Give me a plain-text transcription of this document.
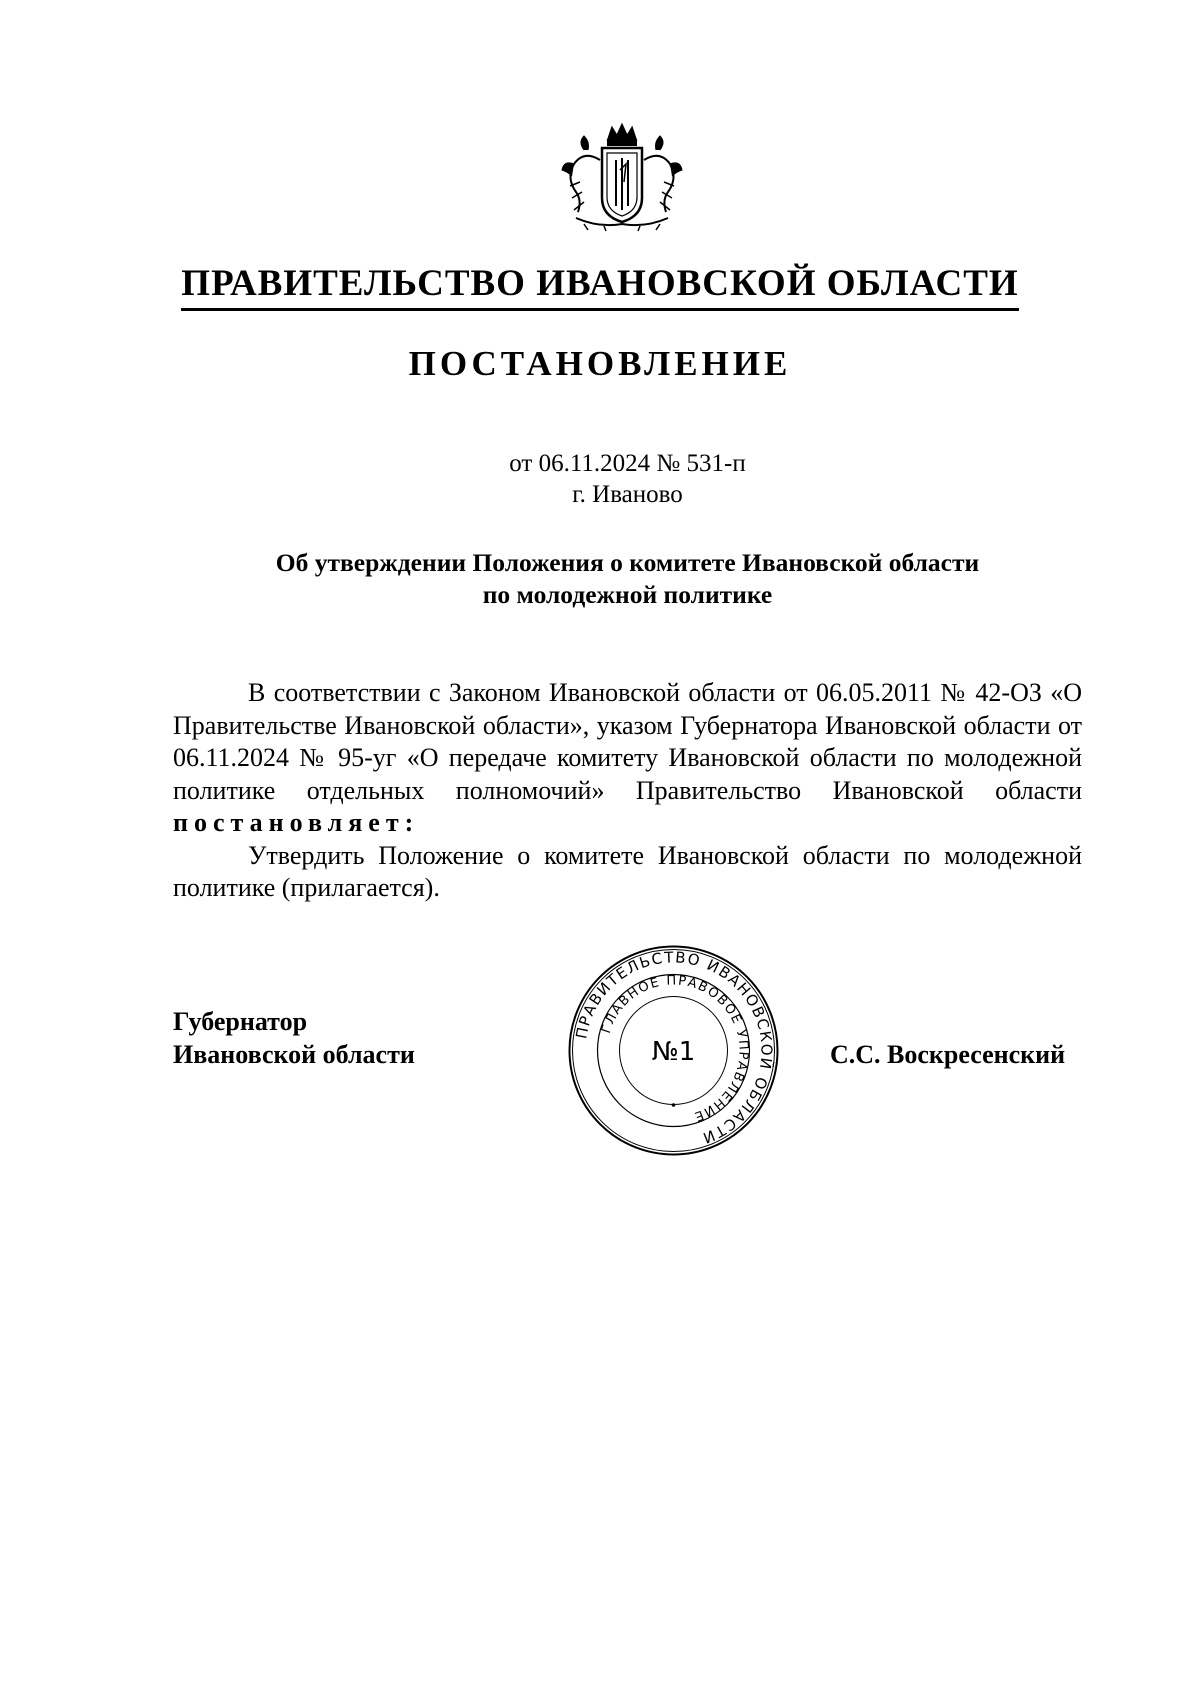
ПРАВИТЕЛЬСТВО ИВАНОВСКОЙ ОБЛАСТИ
ПОСТАНОВЛЕНИЕ
от 06.11.2024 № 531-п
г. Иваново
Об утверждении Положения о комитете Ивановской области
по молодежной политике

В соответствии с Законом Ивановской области от 06.05.2011 № 42-ОЗ «О Правительстве Ивановской области», указом Губернатора Ивановской области от 06.11.2024 № 95-уг «О передаче комитету Ивановской области по молодежной политике отдельных полномочий» Правительство Ивановской области постановляет:

Утвердить Положение о комитете Ивановской области по молодежной политике (прилагается).

Губернатор
Ивановской области
ПРАВИТЕЛЬСТВО ИВАНОВСКОЙ ОБЛАСТИ
ГЛАВНОЕ ПРАВОВОЕ УПРАВЛЕНИЕ
№1	С.С. Воскресенский
